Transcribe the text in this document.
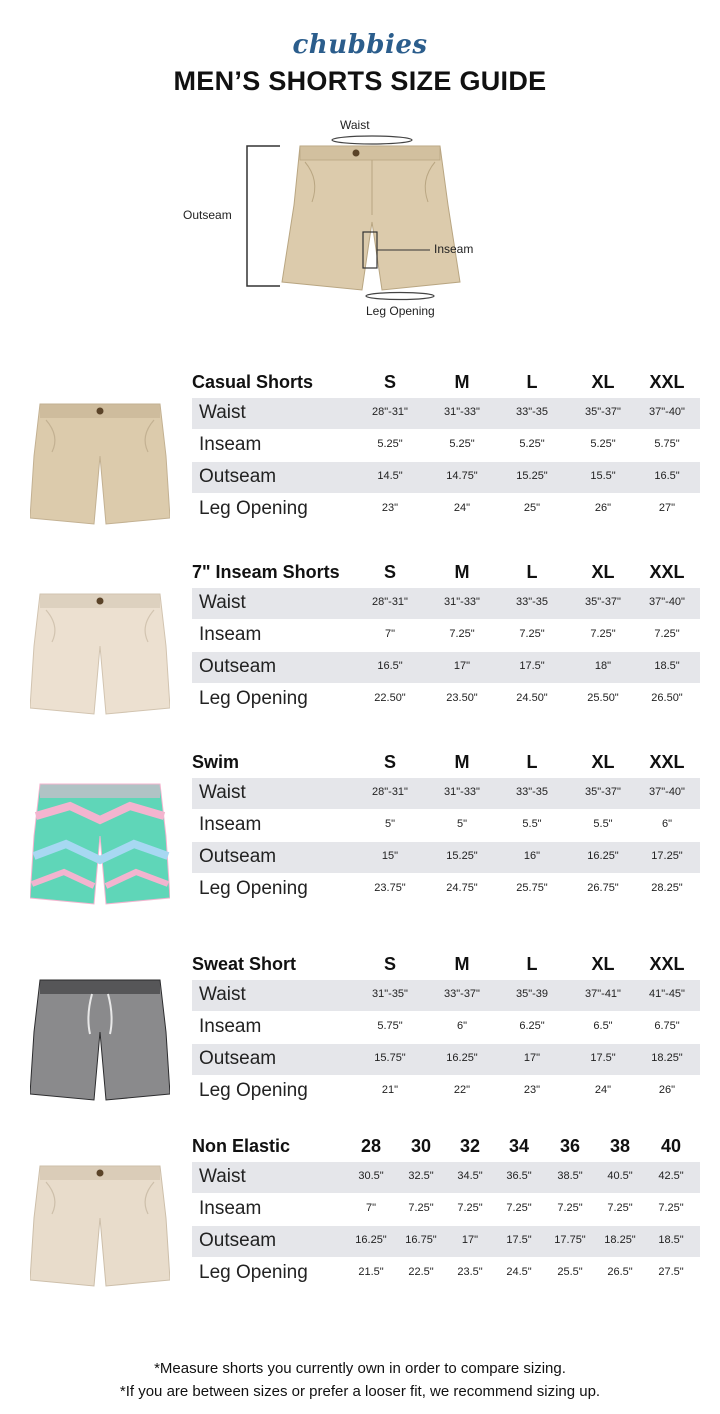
chubbies
MEN’S SHORTS SIZE GUIDE
Waist
Outseam
Inseam
Leg Opening
Casual Shorts	S	M	L	XL	XXL
Waist	28"-31"	31"-33"	33"-35	35"-37"	37"-40"
Inseam	5.25"	5.25"	5.25"	5.25"	5.75"
Outseam	14.5"	14.75"	15.25"	15.5"	16.5"
Leg Opening	23"	24"	25"	26"	27"
7" Inseam Shorts	S	M	L	XL	XXL
Waist	28"-31"	31"-33"	33"-35	35"-37"	37"-40"
Inseam	7"	7.25"	7.25"	7.25"	7.25"
Outseam	16.5"	17"	17.5"	18"	18.5"
Leg Opening	22.50"	23.50"	24.50"	25.50"	26.50"
Swim	S	M	L	XL	XXL
Waist	28"-31"	31"-33"	33"-35	35"-37"	37"-40"
Inseam	5"	5"	5.5"	5.5"	6"
Outseam	15"	15.25"	16"	16.25"	17.25"
Leg Opening	23.75"	24.75"	25.75"	26.75"	28.25"
Sweat Short	S	M	L	XL	XXL
Waist	31"-35"	33"-37"	35"-39	37"-41"	41"-45"
Inseam	5.75"	6"	6.25"	6.5"	6.75"
Outseam	15.75"	16.25"	17"	17.5"	18.25"
Leg Opening	21"	22"	23"	24"	26"
Non Elastic	28	30	32	34	36	38	40
Waist	30.5"	32.5"	34.5"	36.5"	38.5"	40.5"	42.5"
Inseam	7"	7.25"	7.25"	7.25"	7.25"	7.25"	7.25"
Outseam	16.25"	16.75"	17"	17.5"	17.75"	18.25"	18.5"
Leg Opening	21.5"	22.5"	23.5"	24.5"	25.5"	26.5"	27.5"
*Measure shorts you currently own in order to compare sizing.
*If you are between sizes or prefer a looser fit, we recommend sizing up.
